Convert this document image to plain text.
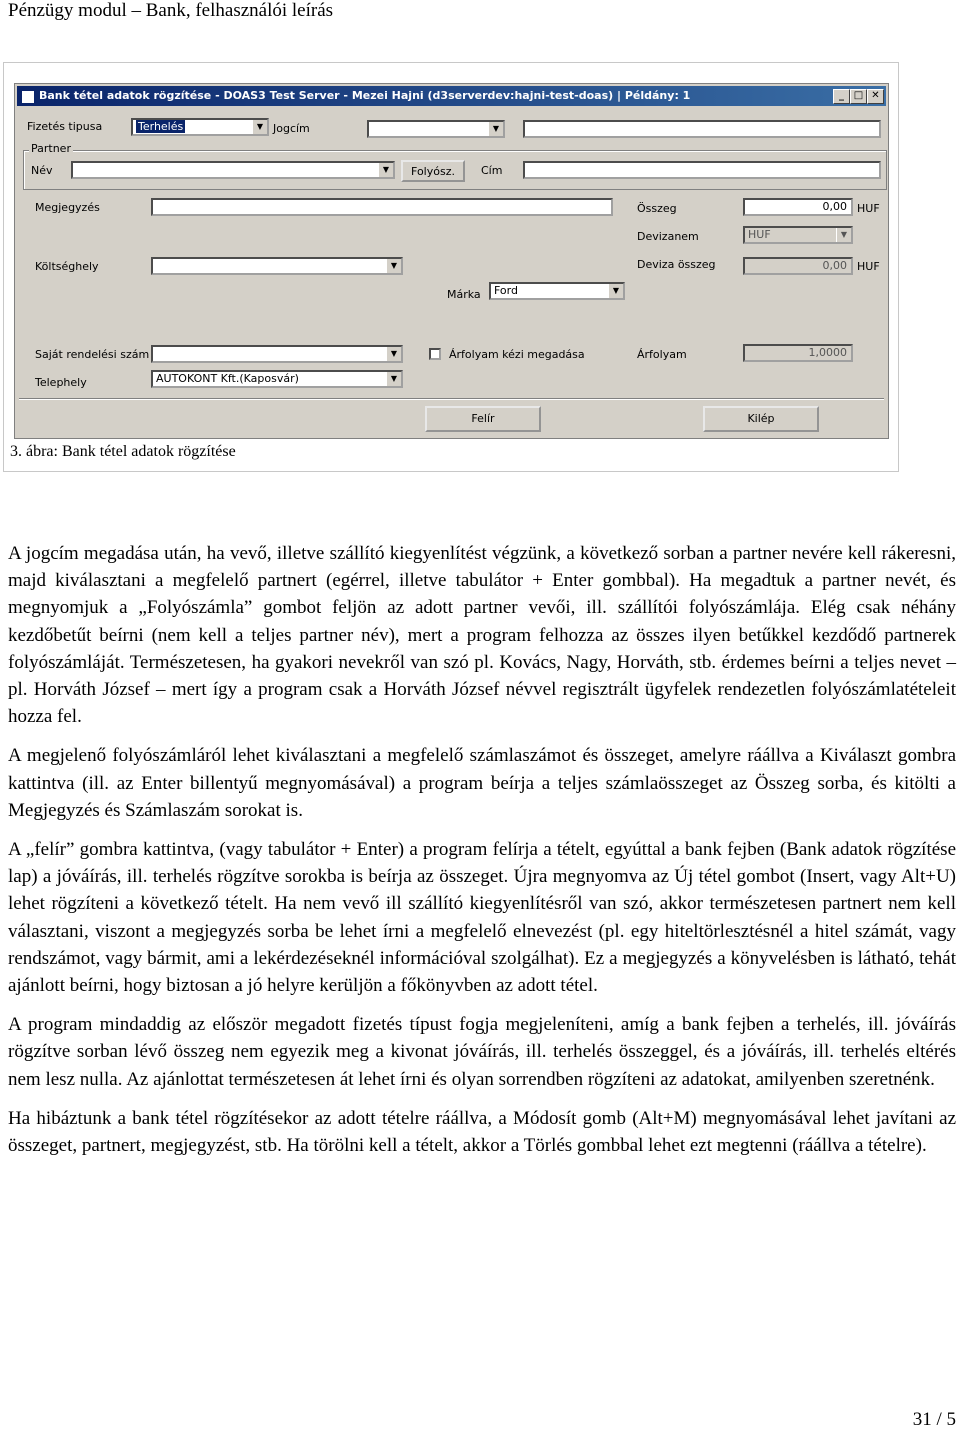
Pénzügy modul – Bank, felhasználói leírás
Bank tétel adatok rögzítése - DOAS3 Test Server - Mezei Hajni (d3serverdev:hajni-test-doas) | Példány: 1	_ □ ✕
Fizetés tipusa	Terhelés	▼ Jogcím	▼
Partner
Név	▼	Folyósz.	Cím
Megjegyzés	Összeg	0,00 HUF
Devizanem	HUF	▼
Költséghely	▼	Deviza összeg	0,00 HUF
Márka	Ford	▼
Saját rendelési szám	▼	Árfolyam kézi megadása	Árfolyam	1,0000
Telephely	AUTOKONT Kft.(Kaposvár)	▼
Felír	Kilép
3. ábra: Bank tétel adatok rögzítése

A jogcím megadása után, ha vevő, illetve szállító kiegyenlítést végzünk, a következő sorban a partner nevére kell rákeresni, majd kiválasztani a megfelelő partnert (egérrel, illetve tabulátor + Enter gombbal). Ha megadtuk a partner nevét, és megnyomjuk a „Folyószámla” gombot feljön az adott partner vevői, ill. szállítói folyószámlája. Elég csak néhány kezdőbetűt beírni (nem kell a teljes partner név), mert a program felhozza az összes ilyen betűkkel kezdődő partnerek folyószámláját. Természetesen, ha gyakori nevekről van szó pl. Kovács, Nagy, Horváth, stb. érdemes beírni a teljes nevet – pl. Horváth József – mert így a program csak a Horváth József névvel regisztrált ügyfelek rendezetlen folyószámlatételeit hozza fel.

A megjelenő folyószámláról lehet kiválasztani a megfelelő számlaszámot és összeget, amelyre ráállva a Kiválaszt gombra kattintva (ill. az Enter billentyű megnyomásával) a program beírja a teljes számlaösszeget az Összeg sorba, és kitölti a Megjegyzés és Számlaszám sorokat is.

A „felír” gombra kattintva, (vagy tabulátor + Enter) a program felírja a tételt, egyúttal a bank fejben (Bank adatok rögzítése lap) a jóváírás, ill. terhelés rögzítve sorokba is beírja az összeget. Újra megnyomva az Új tétel gombot (Insert, vagy Alt+U) lehet rögzíteni a következő tételt. Ha nem vevő ill szállító kiegyenlítésről van szó, akkor természetesen partnert nem kell választani, viszont a megjegyzés sorba be lehet írni a megfelelő elnevezést (pl. egy hiteltörlesztésnél a hitel számát, vagy rendszámot, vagy bármit, ami a lekérdezéseknél információval szolgálhat). Ez a megjegyzés a könyvelésben is látható, tehát ajánlott beírni, hogy biztosan a jó helyre kerüljön a főkönyvben az adott tétel.

A program mindaddig az először megadott fizetés típust fogja megjeleníteni, amíg a bank fejben a terhelés, ill. jóváírás rögzítve sorban lévő összeg nem egyezik meg a kivonat jóváírás, ill. terhelés összeggel, és a jóváírás, ill. terhelés eltérés nem lesz nulla. Az ajánlottat természetesen át lehet írni és olyan sorrendben rögzíteni az adatokat, amilyenben szeretnénk.

Ha hibáztunk a bank tétel rögzítésekor az adott tételre ráállva, a Módosít gomb (Alt+M) megnyomásával lehet javítani az összeget, partnert, megjegyzést, stb. Ha törölni kell a tételt, akkor a Törlés gombbal lehet ezt megtenni (ráállva a tételre).

31 / 5
